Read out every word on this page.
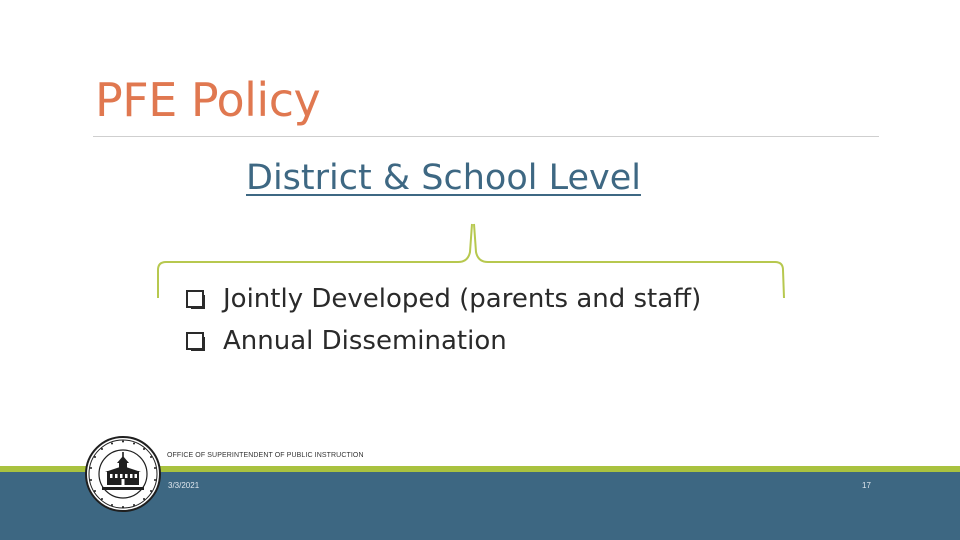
PFE Policy
District & School Level
Jointly Developed (parents and staff)
Annual Dissemination
OFFICE OF SUPERINTENDENT OF PUBLIC INSTRUCTION
3/3/2021	17
